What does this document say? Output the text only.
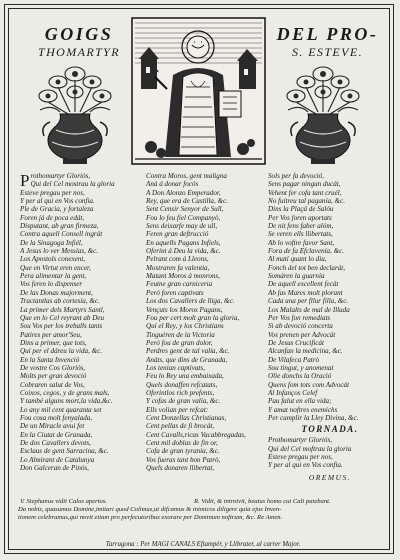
GOIGS
THOMARTYR
DEL PRO-
S. ESTEVE.
P rothomartyr Gloriós,
Qui del Cel mostrau la gloria
Esteve pregau per nos,
Y per al qui en Vos confia.
Ple de Gracia, y fortaleza
Foren já de poca edát,
Disputant, ab gran firmeza,
Contra aquell Consell ingrát
De la Sinagoga Infiél,
A Jesus lo ver Messías, &c.
Los Apostols conexent,
Que en Virtut eren encer,
Pera alimentar la gent,
Vos feren lo dispenser
De las Donas majorment,
Tractantlas ab cortesía, &c.
La primer dels Martyrs Santl,
Que en lo Cel reyrant ab Deu
Sou Vos per los treballs tants
Patires per amor'Seu,
Dins a primer, que tots,
Quí per el dáreu la vida, &c.
En la Santa Invenció
De vostre Cos Gloriós,
Molts per gran devoció
Cobraren salut de Vos,
Coixos, cegos, y de grans mals,
Y també alguns mort,la vida,&c.
Lo any mil cent quaranta set
Fou cosa molt fenyalada,
De un Miracle avui fet
En la Ciutat de Granada,
De dos Cavallers devots,
Esclaus de gent Sarracina, &c.
Lo Almirant de Catalunya
Don Galceran de Pinós,
Contra Moros, gent maligna
Anà á donar focós
A Don Alonzo Emperador,
Rey, que era de Castilla, &c.
Sent Censir Senyor de Sull,
Fou lo feu fiel Companyò,
Sens deixarfe may de ull,
Feren gran deftrucció
En aquells Pagans Infiels,
Oferint á Deu la vida, &c.
Pelrant com á Lleons,
Mostraren fa valentia,
Matant Moros á monrons,
Feutne gran carniceria
Peró foren captivats
Los dos Cavallers de llíga, &c.
Vençuts los Moros Pagans,
Fou per cert molt gran la gloria,
Quí el Rey, y los Christians
Tinguéren de la Victoria
Peró fou de gran dolor,
Perdres gent de tal valía, &c.
Anáts, que dins de Granada,
Los tenian captivats,
Feu lo Rey una embaixada,
Quels donaffen refcatats,
Oferintlos rich prefents,
Y cofas de gran valía, &c.
Ells volian per refcat:
Cent Donzellas Christianas,
Cent pellas de fi brocát,
Cent Cavalls,ricas Vacabbregadas,
Cent mil doblas de fin or,
Cofa de gran tyrania, &c.
Vos fueras tant bon Patrò,
Quels donaren llibertat,
Sols per fa devoció,
Sens pagar ningun ducát,
Vehent fer cofa tant cruél,
No fuitreu tal paganía, &c.
Dins la Plaçá de Salóu
Per Vos foren aportats
De nit fens faber alóm,
Se veren ells llibertats,
Ab lo voftre favor Sant,
Fora de fa Efclavenía, &c.
Al matí quant lo dia,
Fonch del tot ben declarát,
Somáren la guarnía
De aquell excellent fecát
Ab fas Mares molt plorant
Cada una per fllur filla, &c.
Los Malalts de mal de Illada
Per Vos fon remediats
Si ab devoció concerta
Vos prenen per Advocát
De Jesus Crucificát
Alcanfan la medicina, &c.
De Vilafeca Patrò
Sou tingut, y anomenat
Olie donchs la Oració
Quens fom tots com Advocát
Al Infanços Celef
Pau falut en ella vida;
Y amat noftres enemichs
Per cumplir la Lley Divina, &c.
TORNADA.
Prothomartyr Gloriós,
Qui del Cel moftrau la gloria
Esteve pregau per nos,
Y per al qui en Vos confia.
OREMUS.
V. Stephanus vidit Calos apertos.	R. Vidit, & introivit, beatus homo cui Cali patebant.
Da nobis, quasumus Domine,imitari quod Colimus,ut difcamus & inimicos diligere quia ejus Inven-
tionem celebramus,qui novit etiam pro perfecutoribus exorare per Dominum noftrum, &c. Re Amen.
Tarragona : Per MAGI CANALS Eftampér, y Llibrater, al carrer Major.
